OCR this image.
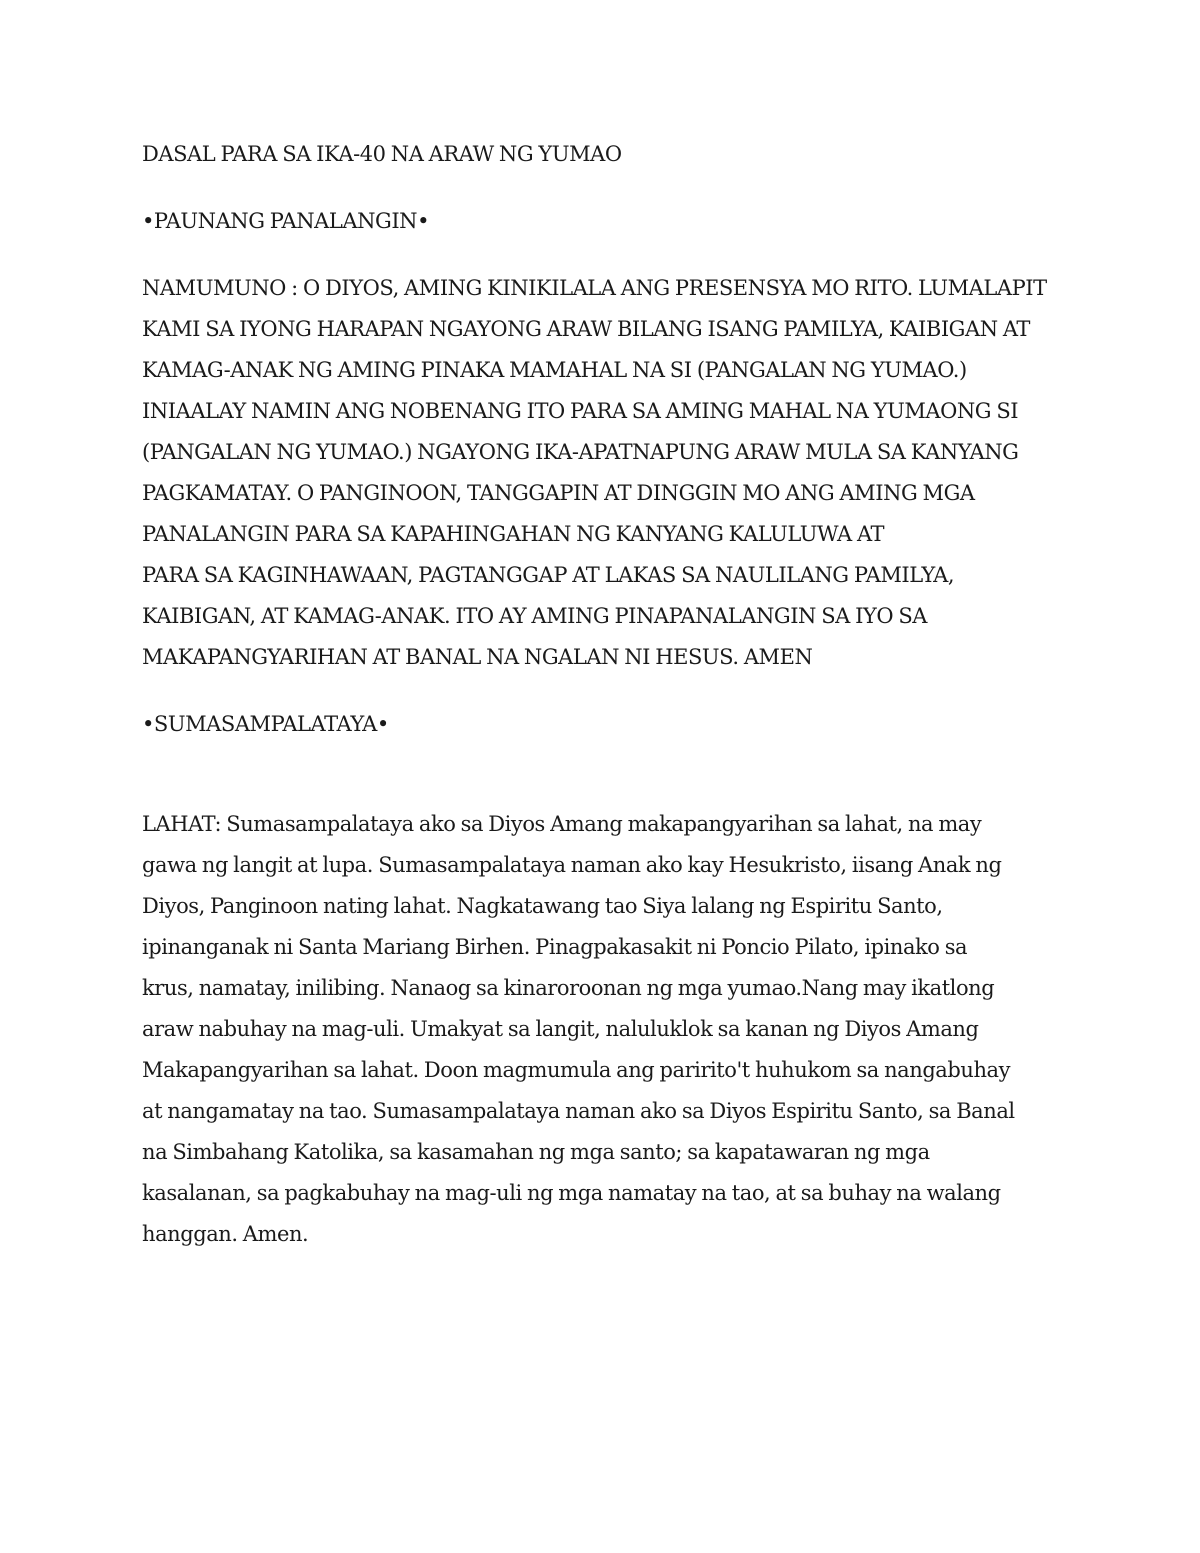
DASAL PARA SA IKA-40 NA ARAW NG YUMAO
•PAUNANG PANALANGIN•
NAMUMUNO : O DIYOS, AMING KINIKILALA ANG PRESENSYA MO RITO. LUMALAPIT
KAMI SA IYONG HARAPAN NGAYONG ARAW BILANG ISANG PAMILYA, KAIBIGAN AT
KAMAG-ANAK NG AMING PINAKA MAMAHAL NA SI (PANGALAN NG YUMAO.)
INIAALAY NAMIN ANG NOBENANG ITO PARA SA AMING MAHAL NA YUMAONG SI
(PANGALAN NG YUMAO.) NGAYONG IKA-APATNAPUNG ARAW MULA SA KANYANG
PAGKAMATAY. O PANGINOON, TANGGAPIN AT DINGGIN MO ANG AMING MGA
PANALANGIN PARA SA KAPAHINGAHAN NG KANYANG KALULUWA AT
PARA SA KAGINHAWAAN, PAGTANGGAP AT LAKAS SA NAULILANG PAMILYA,
KAIBIGAN, AT KAMAG-ANAK. ITO AY AMING PINAPANALANGIN SA IYO SA
MAKAPANGYARIHAN AT BANAL NA NGALAN NI HESUS. AMEN
•SUMASAMPALATAYA•
LAHAT: Sumasampalataya ako sa Diyos Amang makapangyarihan sa lahat, na may
gawa ng langit at lupa. Sumasampalataya naman ako kay Hesukristo, iisang Anak ng
Diyos, Panginoon nating lahat. Nagkatawang tao Siya lalang ng Espiritu Santo,
ipinanganak ni Santa Mariang Birhen. Pinagpakasakit ni Poncio Pilato, ipinako sa
krus, namatay, inilibing. Nanaog sa kinaroroonan ng mga yumao.Nang may ikatlong
araw nabuhay na mag-uli. Umakyat sa langit, naluluklok sa kanan ng Diyos Amang
Makapangyarihan sa lahat. Doon magmumula ang paririto't huhukom sa nangabuhay
at nangamatay na tao. Sumasampalataya naman ako sa Diyos Espiritu Santo, sa Banal
na Simbahang Katolika, sa kasamahan ng mga santo; sa kapatawaran ng mga
kasalanan, sa pagkabuhay na mag-uli ng mga namatay na tao, at sa buhay na walang
hanggan. Amen.
